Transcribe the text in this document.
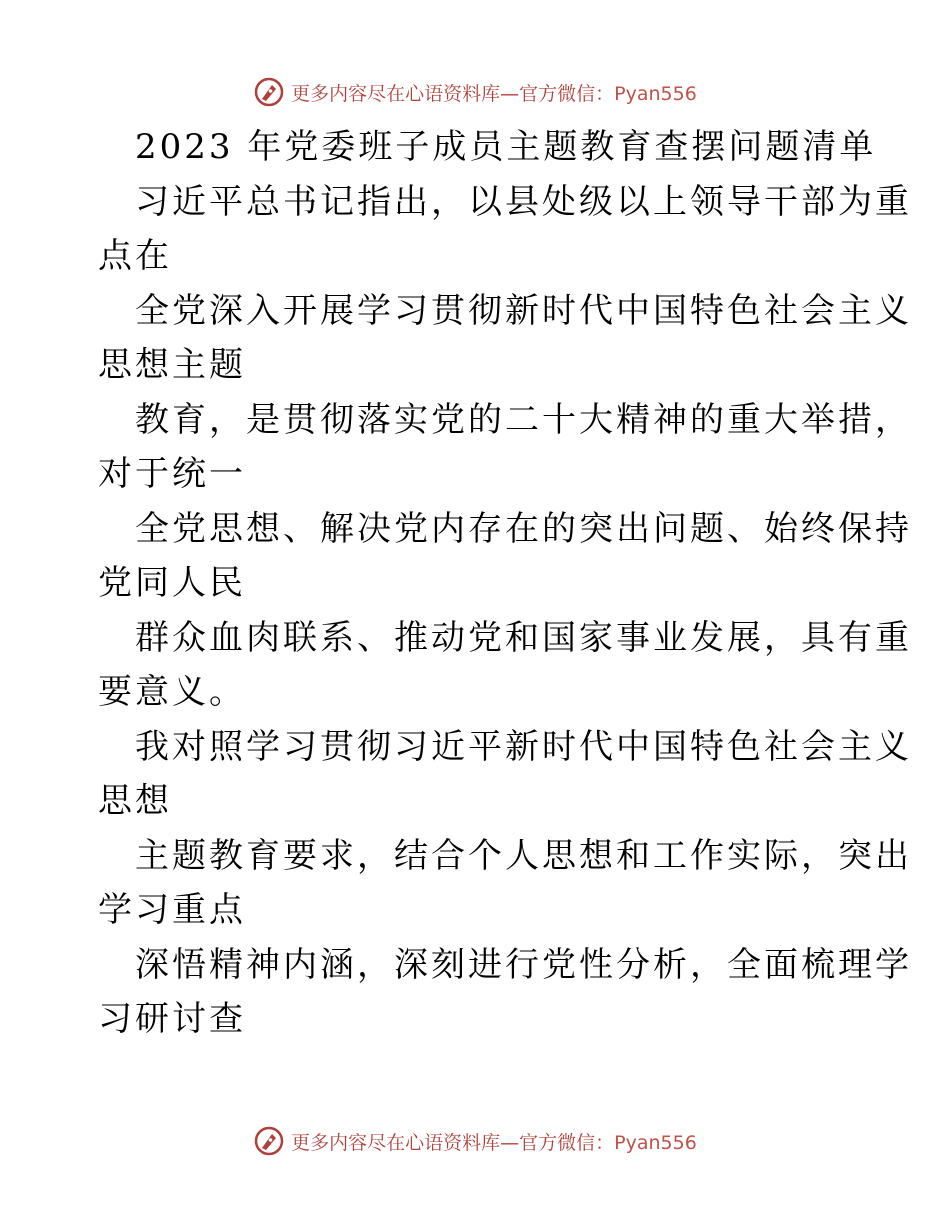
更多内容尽在心语资料库—官方微信：Pyan556
2023 年党委班子成员主题教育查摆问题清单
习近平总书记指出，以县处级以上领导干部为重
点在
全党深入开展学习贯彻新时代中国特色社会主义
思想主题
教育，是贯彻落实党的二十大精神的重大举措，
对于统一
全党思想、解决党内存在的突出问题、始终保持
党同人民
群众血肉联系、推动党和国家事业发展，具有重
要意义。
我对照学习贯彻习近平新时代中国特色社会主义
思想
主题教育要求，结合个人思想和工作实际，突出
学习重点
深悟精神内涵，深刻进行党性分析，全面梳理学
习研讨查
更多内容尽在心语资料库—官方微信：Pyan556
